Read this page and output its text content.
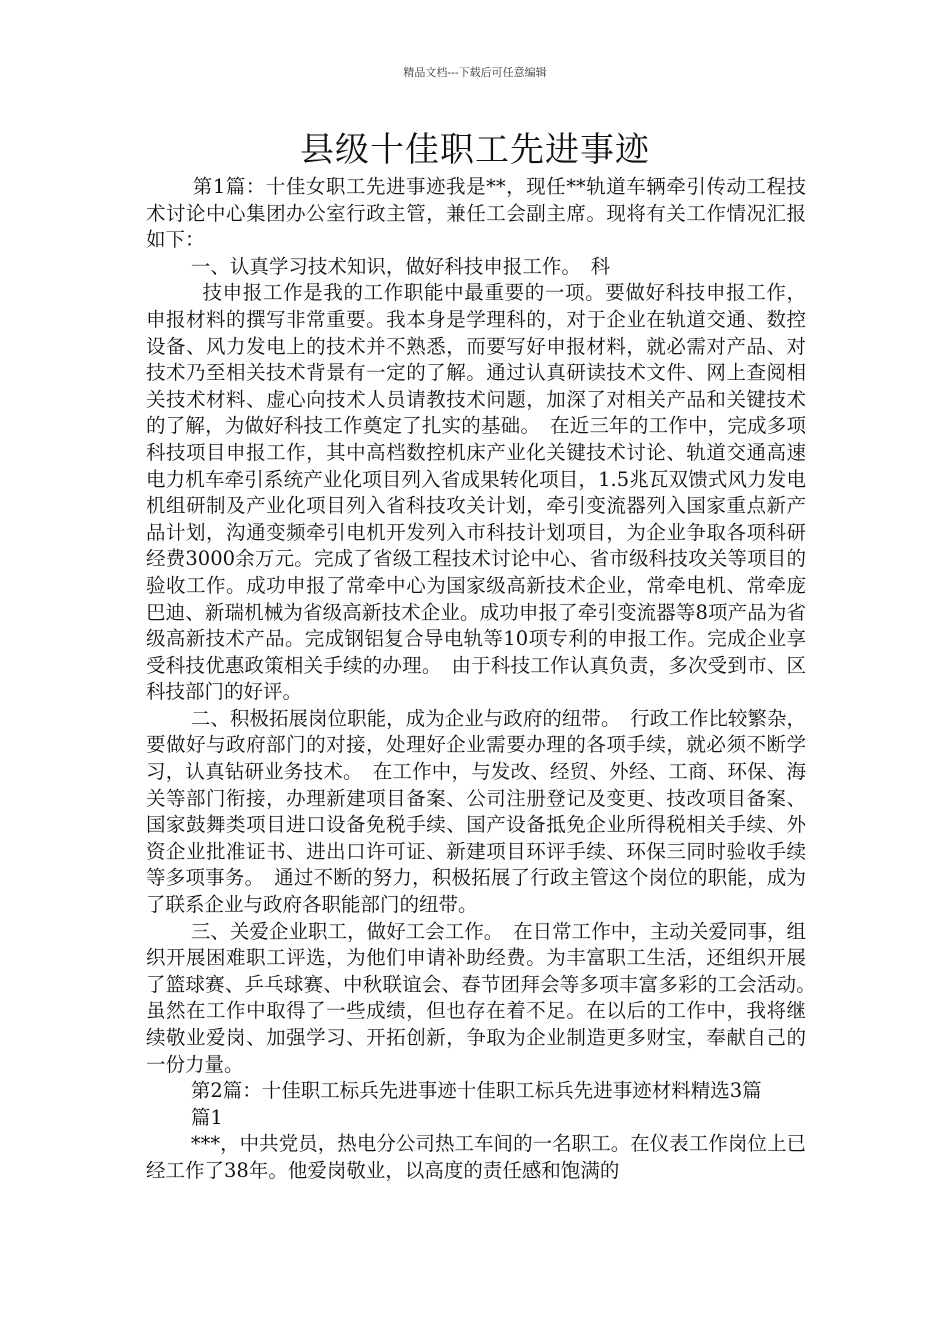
精品文档---下载后可任意编辑
县级十佳职工先进事迹

第1篇：十佳女职工先进事迹我是**，现任**轨道车辆牵引传动工程技术讨论中心集团办公室行政主管，兼任工会副主席。现将有关工作情况汇报如下：

一、认真学习技术知识，做好科技申报工作。　科

技申报工作是我的工作职能中最重要的一项。要做好科技申报工作，申报材料的撰写非常重要。我本身是学理科的，对于企业在轨道交通、数控设备、风力发电上的技术并不熟悉，而要写好申报材料，就必需对产品、对技术乃至相关技术背景有一定的了解。通过认真研读技术文件、网上查阅相关技术材料、虚心向技术人员请教技术问题，加深了对相关产品和关键技术的了解，为做好科技工作奠定了扎实的基础。　在近三年的工作中，完成多项科技项目申报工作，其中高档数控机床产业化关键技术讨论、轨道交通高速电力机车牵引系统产业化项目列入省成果转化项目，1.5兆瓦双馈式风力发电机组研制及产业化项目列入省科技攻关计划，牵引变流器列入国家重点新产品计划，沟通变频牵引电机开发列入市科技计划项目，为企业争取各项科研经费3000余万元。完成了省级工程技术讨论中心、省市级科技攻关等项目的验收工作。成功申报了常牵中心为国家级高新技术企业，常牵电机、常牵庞巴迪、新瑞机械为省级高新技术企业。成功申报了牵引变流器等8项产品为省级高新技术产品。完成钢铝复合导电轨等10项专利的申报工作。完成企业享受科技优惠政策相关手续的办理。　由于科技工作认真负责，多次受到市、区科技部门的好评。

二、积极拓展岗位职能，成为企业与政府的纽带。　行政工作比较繁杂，要做好与政府部门的对接，处理好企业需要办理的各项手续，就必须不断学习，认真钻研业务技术。　在工作中，与发改、经贸、外经、工商、环保、海关等部门衔接，办理新建项目备案、公司注册登记及变更、技改项目备案、国家鼓舞类项目进口设备免税手续、国产设备抵免企业所得税相关手续、外资企业批准证书、进出口许可证、新建项目环评手续、环保三同时验收手续等多项事务。　通过不断的努力，积极拓展了行政主管这个岗位的职能，成为了联系企业与政府各职能部门的纽带。

三、关爱企业职工，做好工会工作。　在日常工作中，主动关爱同事，组织开展困难职工评选，为他们申请补助经费。为丰富职工生活，还组织开展了篮球赛、乒乓球赛、中秋联谊会、春节团拜会等多项丰富多彩的工会活动。　虽然在工作中取得了一些成绩，但也存在着不足。在以后的工作中，我将继续敬业爱岗、加强学习、开拓创新，争取为企业制造更多财宝，奉献自己的一份力量。

第2篇：十佳职工标兵先进事迹十佳职工标兵先进事迹材料精选3篇

篇1

***，中共党员，热电分公司热工车间的一名职工。在仪表工作岗位上已经工作了38年。他爱岗敬业，以高度的责任感和饱满的
